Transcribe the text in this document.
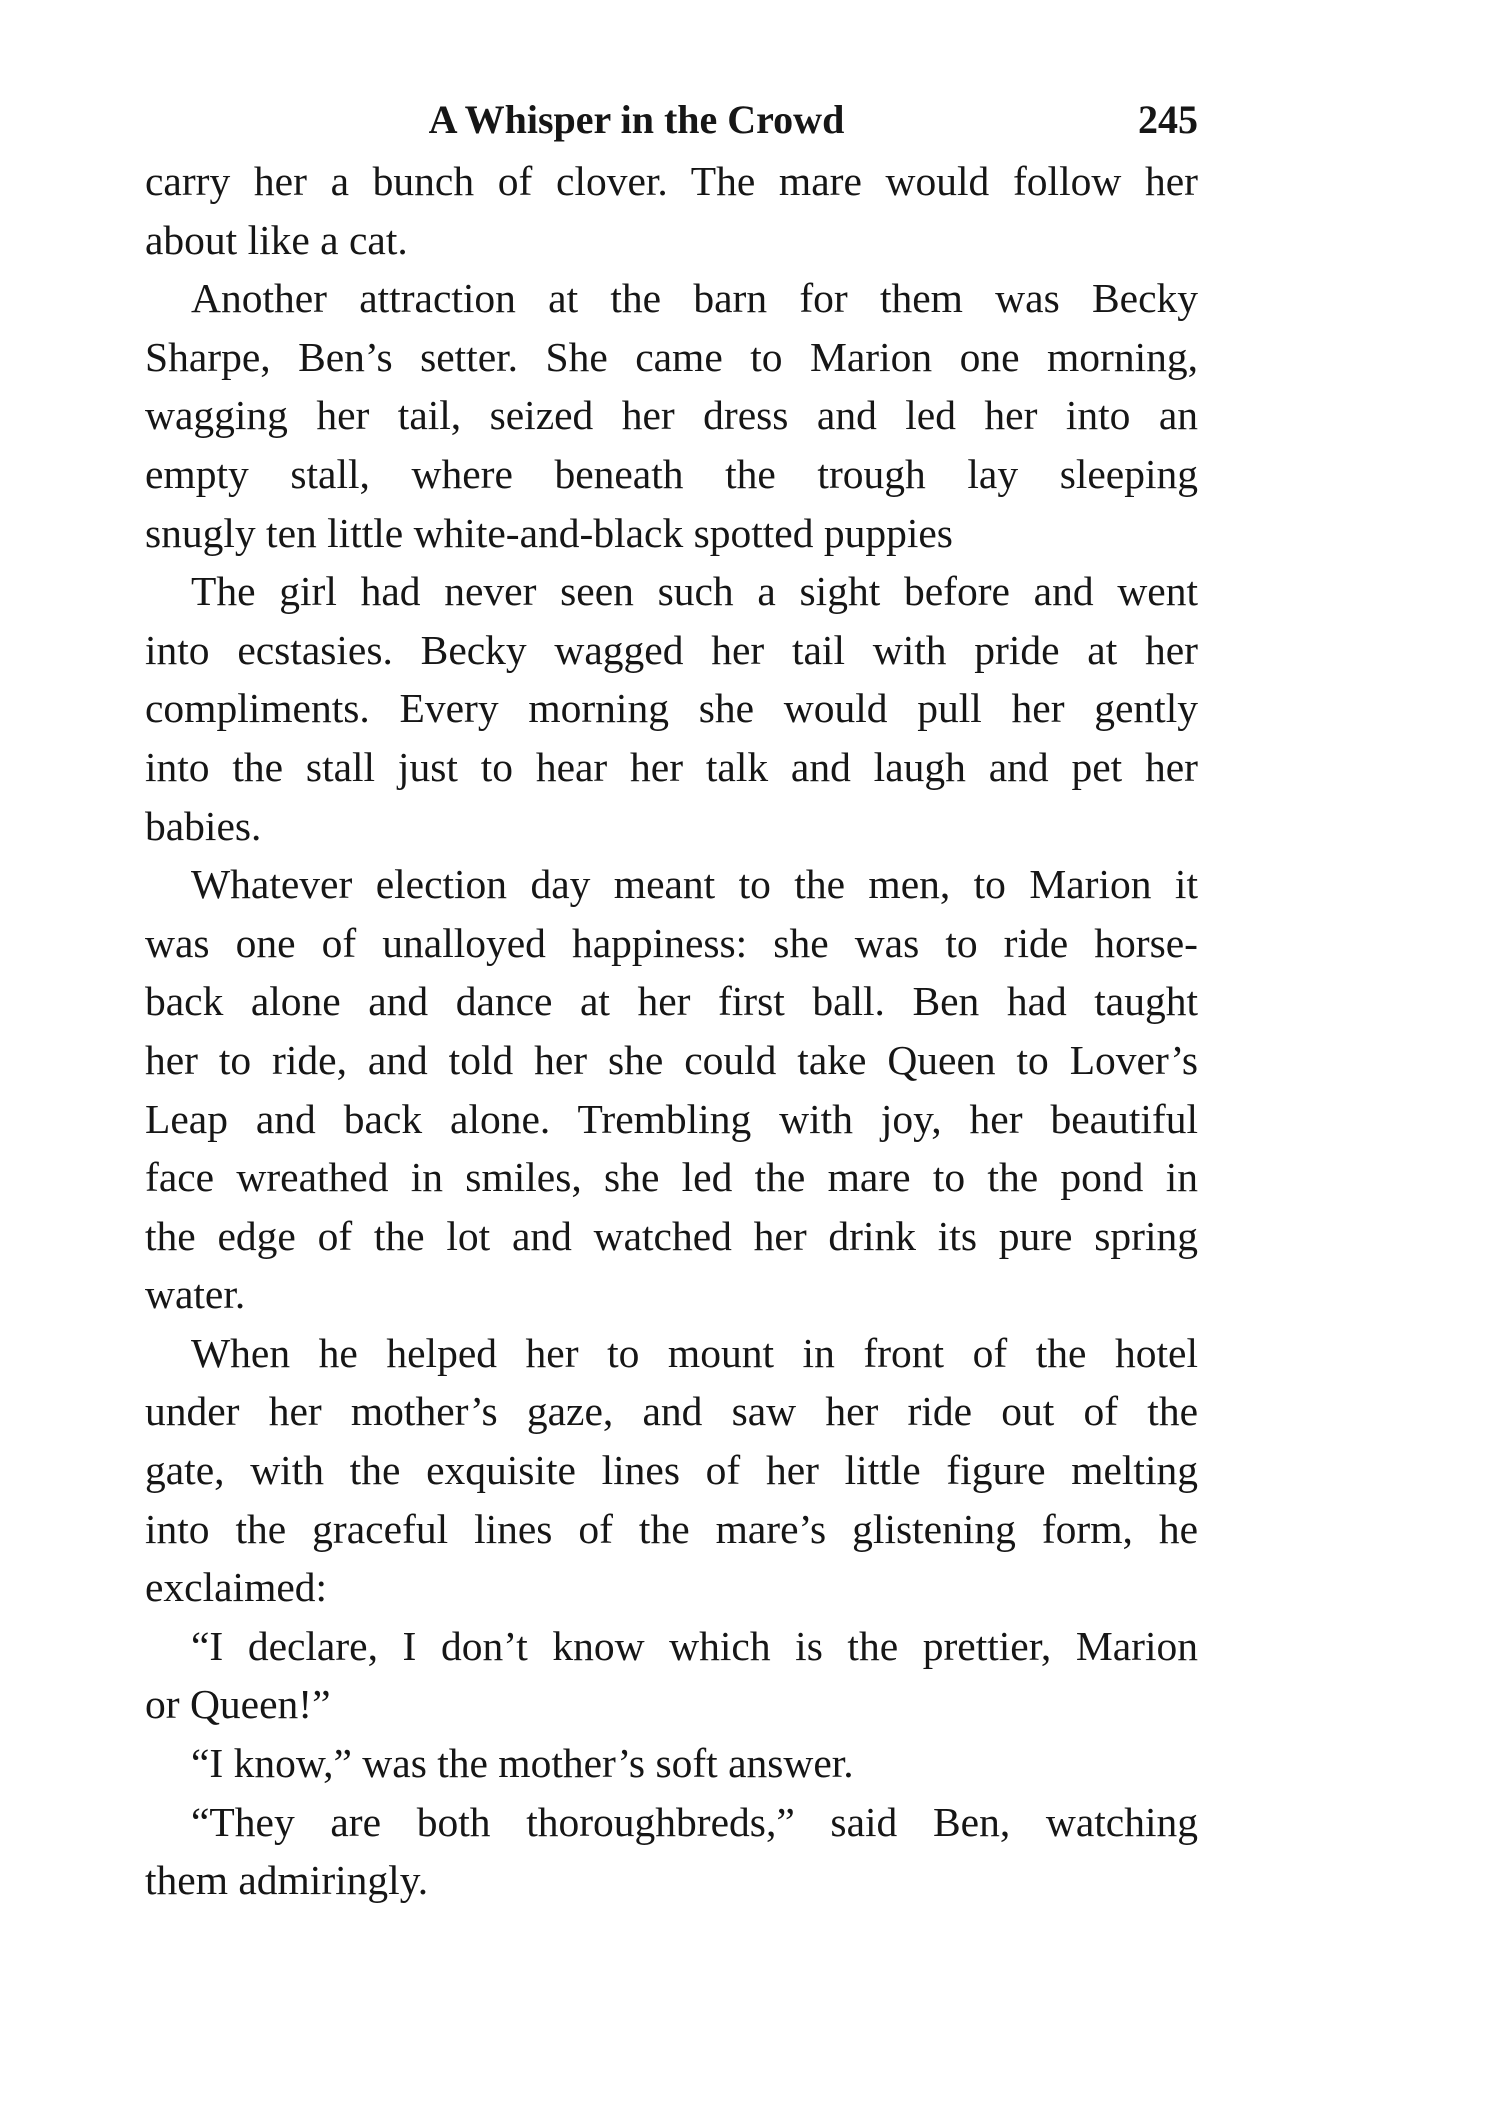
A Whisper in the Crowd	245
carry her a bunch of clover. The mare would follow her
about like a cat.
Another attraction at the barn for them was Becky
Sharpe, Ben’s setter. She came to Marion one morning,
wagging her tail, seized her dress and led her into an
empty stall, where beneath the trough lay sleeping
snugly ten little white-and-black spotted puppies
The girl had never seen such a sight before and went
into ecstasies. Becky wagged her tail with pride at her
compliments. Every morning she would pull her gently
into the stall just to hear her talk and laugh and pet her
babies.
Whatever election day meant to the men, to Marion it
was one of unalloyed happiness: she was to ride horse-
back alone and dance at her first ball. Ben had taught
her to ride, and told her she could take Queen to Lover’s
Leap and back alone. Trembling with joy, her beautiful
face wreathed in smiles, she led the mare to the pond in
the edge of the lot and watched her drink its pure spring
water.
When he helped her to mount in front of the hotel
under her mother’s gaze, and saw her ride out of the
gate, with the exquisite lines of her little figure melting
into the graceful lines of the mare’s glistening form, he
exclaimed:
“I declare, I don’t know which is the prettier, Marion
or Queen!”
“I know,” was the mother’s soft answer.
“They are both thoroughbreds,” said Ben, watching
them admiringly.
